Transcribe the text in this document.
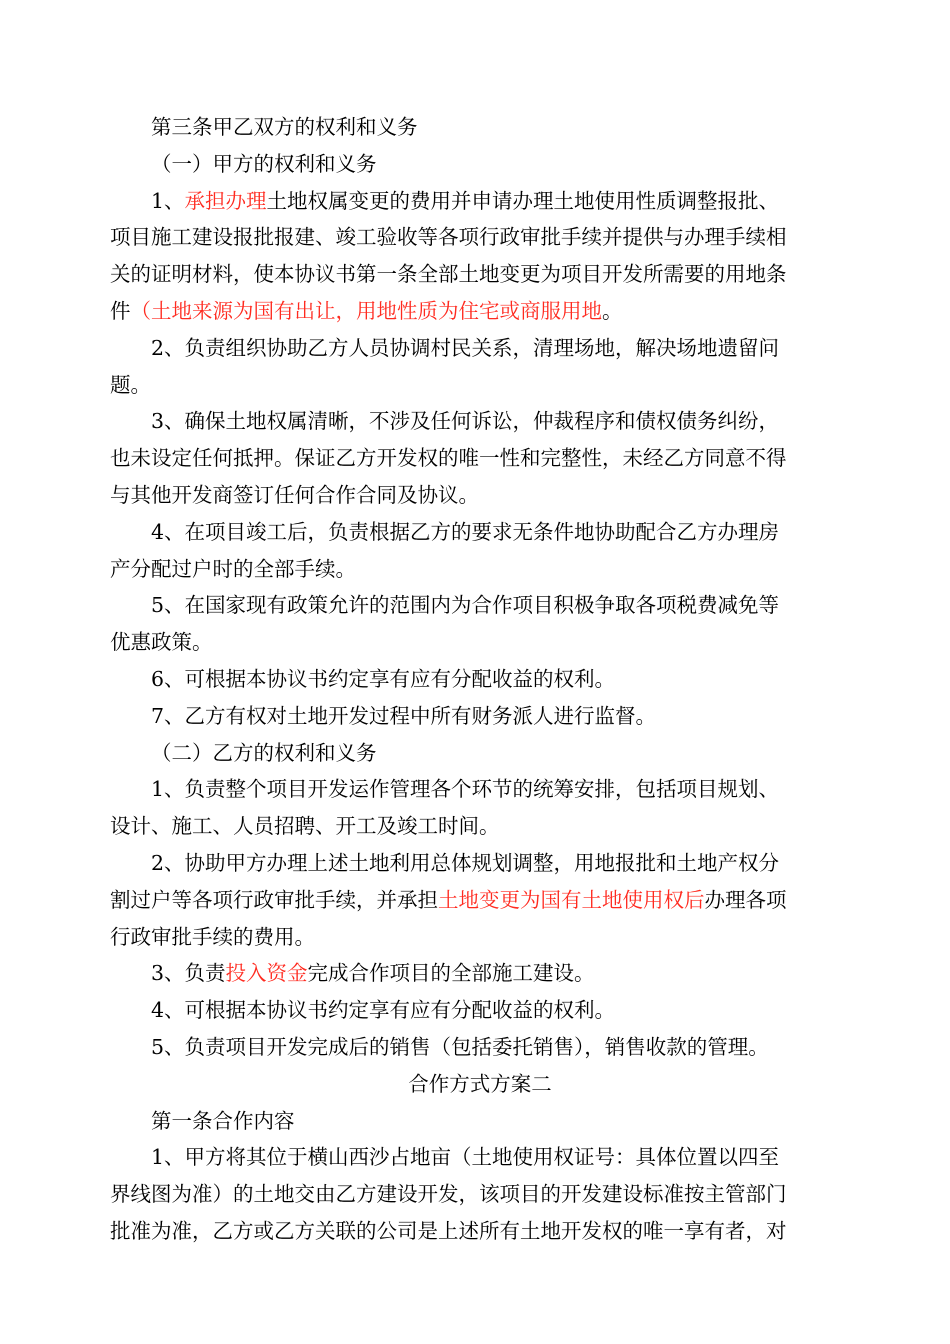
第三条甲乙双方的权利和义务
（一）甲方的权利和义务
1、承担办理土地权属变更的费用并申请办理土地使用性质调整报批、
项目施工建设报批报建、竣工验收等各项行政审批手续并提供与办理手续相
关的证明材料，使本协议书第一条全部土地变更为项目开发所需要的用地条
件（土地来源为国有出让，用地性质为住宅或商服用地。
2、负责组织协助乙方人员协调村民关系，清理场地，解决场地遗留问
题。
3、确保土地权属清晰，不涉及任何诉讼，仲裁程序和债权债务纠纷，
也未设定任何抵押。保证乙方开发权的唯一性和完整性，未经乙方同意不得
与其他开发商签订任何合作合同及协议。
4、在项目竣工后，负责根据乙方的要求无条件地协助配合乙方办理房
产分配过户时的全部手续。
5、在国家现有政策允许的范围内为合作项目积极争取各项税费减免等
优惠政策。
6、可根据本协议书约定享有应有分配收益的权利。
7、乙方有权对土地开发过程中所有财务派人进行监督。
（二）乙方的权利和义务
1、负责整个项目开发运作管理各个环节的统筹安排，包括项目规划、
设计、施工、人员招聘、开工及竣工时间。
2、协助甲方办理上述土地利用总体规划调整，用地报批和土地产权分
割过户等各项行政审批手续，并承担土地变更为国有土地使用权后办理各项
行政审批手续的费用。
3、负责投入资金完成合作项目的全部施工建设。
4、可根据本协议书约定享有应有分配收益的权利。
5、负责项目开发完成后的销售（包括委托销售），销售收款的管理。
合作方式方案二
第一条合作内容
1、甲方将其位于横山西沙占地亩（土地使用权证号：具体位置以四至
界线图为准）的土地交由乙方建设开发，该项目的开发建设标准按主管部门
批准为准，乙方或乙方关联的公司是上述所有土地开发权的唯一享有者，对
